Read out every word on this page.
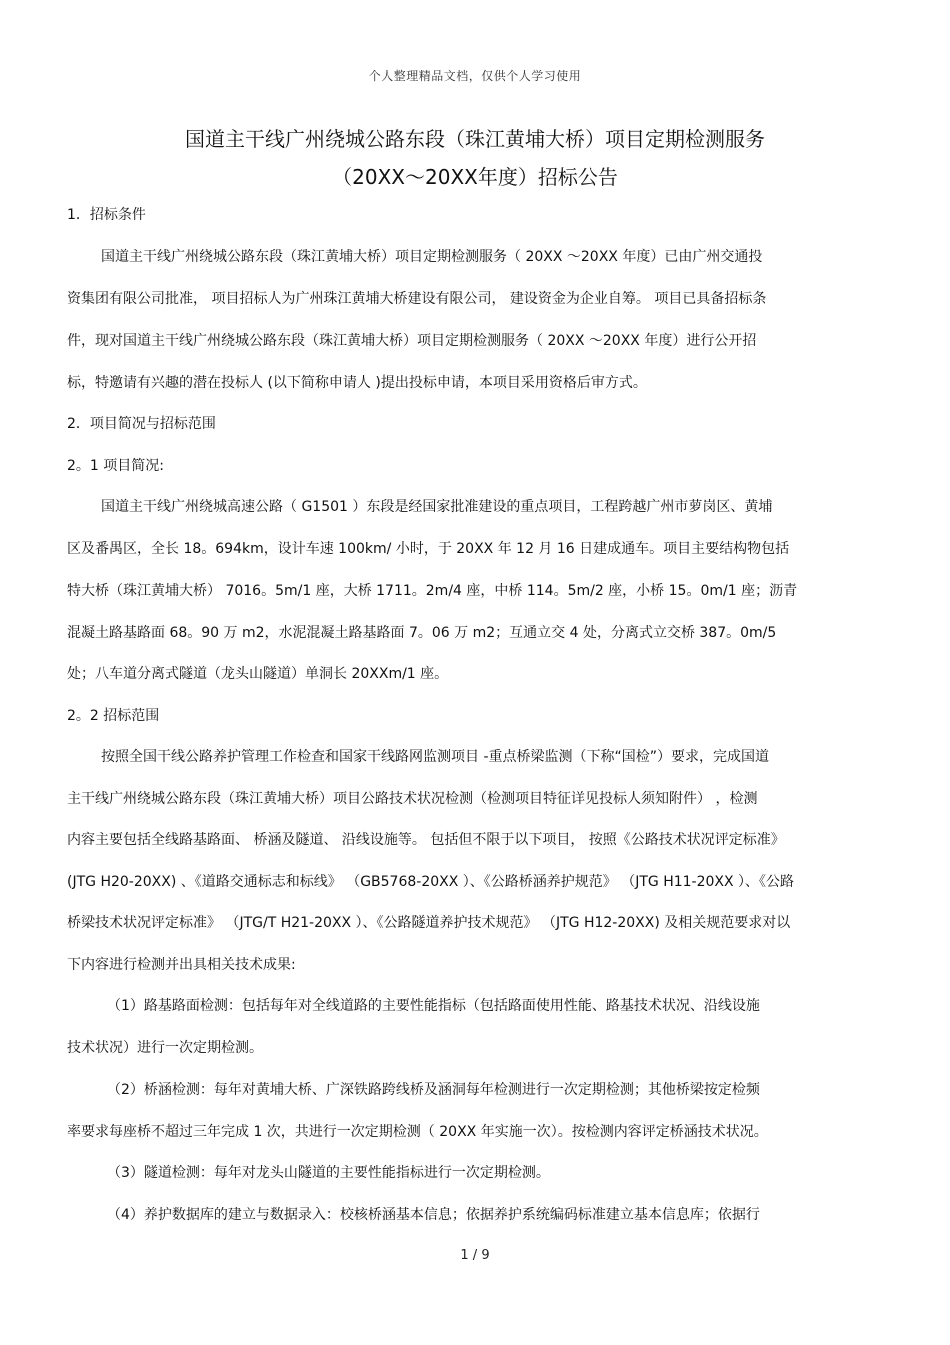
个人整理精品文档，仅供个人学习使用
国道主干线广州绕城公路东段（珠江黄埔大桥）项目定期检测服务
（20XX～20XX年度）招标公告
1．招标条件
国道主干线广州绕城公路东段（珠江黄埔大桥）项目定期检测服务（ 20XX ～20XX 年度）已由广州交通投
资集团有限公司批准， 项目招标人为广州珠江黄埔大桥建设有限公司， 建设资金为企业自筹。 项目已具备招标条
件，现对国道主干线广州绕城公路东段（珠江黄埔大桥）项目定期检测服务（ 20XX ～20XX 年度）进行公开招
标，特邀请有兴趣的潜在投标人 (以下简称申请人 )提出投标申请，本项目采用资格后审方式。
2．项目简况与招标范围
2。1 项目简况:
国道主干线广州绕城高速公路（ G1501 ）东段是经国家批准建设的重点项目，工程跨越广州市萝岗区、黄埔
区及番禺区，全长 18。694km，设计车速 100km/ 小时，于 20XX 年 12 月 16 日建成通车。项目主要结构物包括
特大桥（珠江黄埔大桥） 7016。5m/1 座，大桥 1711。2m/4 座，中桥 114。5m/2 座，小桥 15。0m/1 座；沥青
混凝土路基路面 68。90 万 m2，水泥混凝土路基路面 7。06 万 m2；互通立交 4 处，分离式立交桥 387。0m/5
处；八车道分离式隧道（龙头山隧道）单洞长 20XXm/1 座。
2。2 招标范围
按照全国干线公路养护管理工作检查和国家干线路网监测项目 -重点桥梁监测（下称“国检”）要求，完成国道
主干线广州绕城公路东段（珠江黄埔大桥）项目公路技术状况检测（检测项目特征详见投标人须知附件） ，检测
内容主要包括全线路基路面、 桥涵及隧道、 沿线设施等。 包括但不限于以下项目， 按照《公路技术状况评定标准》
(JTG H20-20XX) 、《道路交通标志和标线》 （GB5768-20XX ）、《公路桥涵养护规范》 （JTG H11-20XX ）、《公路
桥梁技术状况评定标准》 （JTG/T H21-20XX ）、《公路隧道养护技术规范》 （JTG H12-20XX) 及相关规范要求对以
下内容进行检测并出具相关技术成果:
（1）路基路面检测：包括每年对全线道路的主要性能指标（包括路面使用性能、路基技术状况、沿线设施
技术状况）进行一次定期检测。
（2）桥涵检测：每年对黄埔大桥、广深铁路跨线桥及涵洞每年检测进行一次定期检测；其他桥梁按定检频
率要求每座桥不超过三年完成 1 次，共进行一次定期检测（ 20XX 年实施一次）。按检测内容评定桥涵技术状况。
（3）隧道检测：每年对龙头山隧道的主要性能指标进行一次定期检测。
（4）养护数据库的建立与数据录入：校核桥涵基本信息；依据养护系统编码标准建立基本信息库；依据行
1 / 9
